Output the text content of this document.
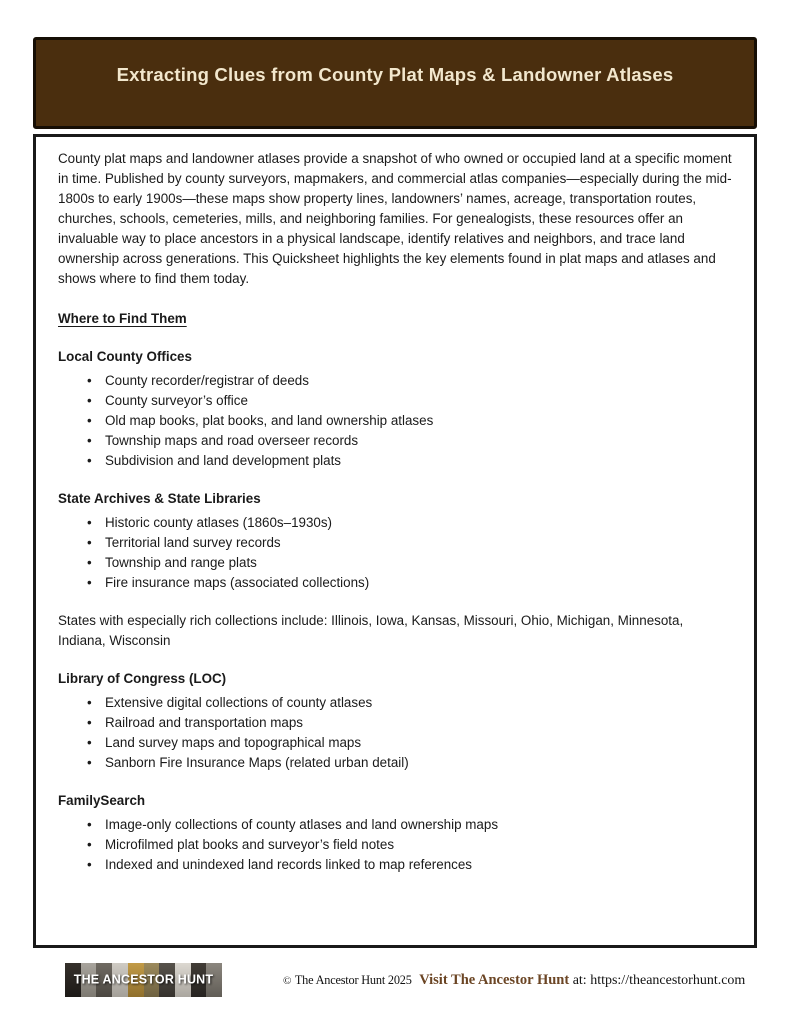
Extracting Clues from County Plat Maps & Landowner Atlases

County plat maps and landowner atlases provide a snapshot of who owned or occupied land at a specific moment in time. Published by county surveyors, mapmakers, and commercial atlas companies—especially during the mid-1800s to early 1900s—these maps show property lines, landowners’ names, acreage, transportation routes, churches, schools, cemeteries, mills, and neighboring families. For genealogists, these resources offer an invaluable way to place ancestors in a physical landscape, identify relatives and neighbors, and trace land ownership across generations. This Quicksheet highlights the key elements found in plat maps and atlases and shows where to find them today.

Where to Find Them
Local County Offices
• County recorder/registrar of deeds
• County surveyor’s office
• Old map books, plat books, and land ownership atlases
• Township maps and road overseer records
• Subdivision and land development plats
State Archives & State Libraries
• Historic county atlases (1860s–1930s)
• Territorial land survey records
• Township and range plats
• Fire insurance maps (associated collections)

States with especially rich collections include: Illinois, Iowa, Kansas, Missouri, Ohio, Michigan, Minnesota, Indiana, Wisconsin

Library of Congress (LOC)
• Extensive digital collections of county atlases
• Railroad and transportation maps
• Land survey maps and topographical maps
• Sanborn Fire Insurance Maps (related urban detail)
FamilySearch
• Image-only collections of county atlases and land ownership maps
• Microfilmed plat books and surveyor’s field notes
• Indexed and unindexed land records linked to map references
THE ANCESTOR HUNT	© The Ancestor Hunt 2025 Visit The Ancestor Hunt at: https://theancestorhunt.com
